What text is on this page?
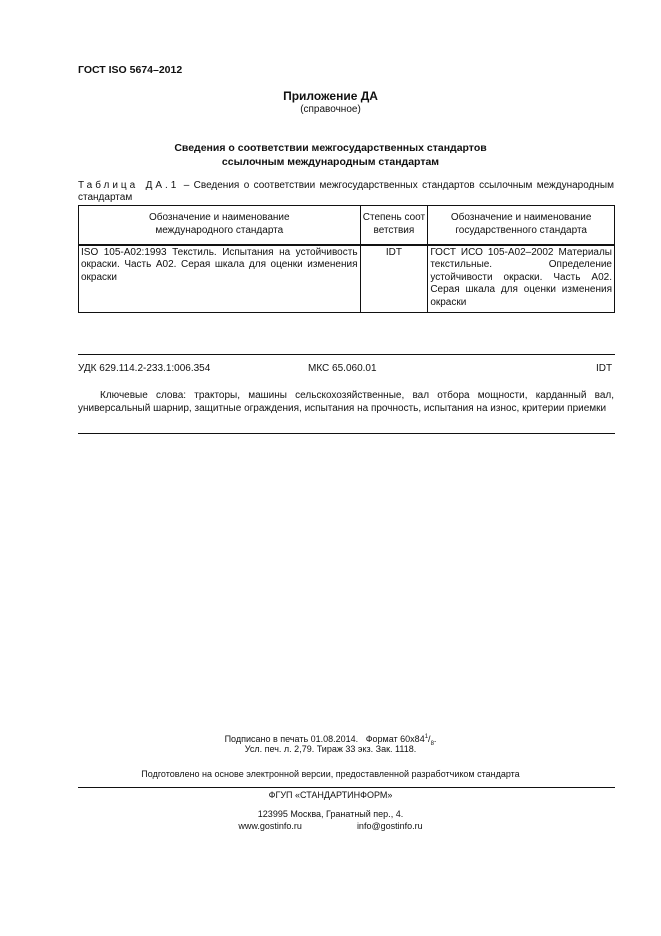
ГОСТ ISO 5674–2012
Приложение ДА
(справочное)
Сведения о соответствии межгосударственных стандартов
ссылочным международным стандартам
Таблица ДА.1 – Сведения о соответствии межгосударственных стандартов ссылочным международным стандартам
Обозначение и наименование международного стандарта	Степень соответствия	Обозначение и наименование государственного стандарта
ISO 105-A02:1993 Текстиль. Испытания на устойчивость окраски. Часть А02. Серая шкала для оценки изменения окраски	IDT	ГОСТ ИСО 105-А02–2002 Материалы текстильные. Определение устойчивости окраски. Часть А02. Серая шкала для оценки изменения окраски
УДК 629.114.2-233.1:006.354	МКС 65.060.01	IDT
Ключевые слова: тракторы, машины сельскохозяйственные, вал отбора мощности, карданный вал, универсальный шарнир, защитные ограждения, испытания на прочность, испытания на износ, критерии приемки
Подписано в печать 01.08.2014. Формат $60x84^1/_8$.
Усл. печ. л. 2,79. Тираж 33 экз. Зак. 1118.
Подготовлено на основе электронной версии, предоставленной разработчиком стандарта
ФГУП «СТАНДАРТИНФОРМ»
123995 Москва, Гранатный пер., 4.
www.gostinfo.ru	info@gostinfo.ru
